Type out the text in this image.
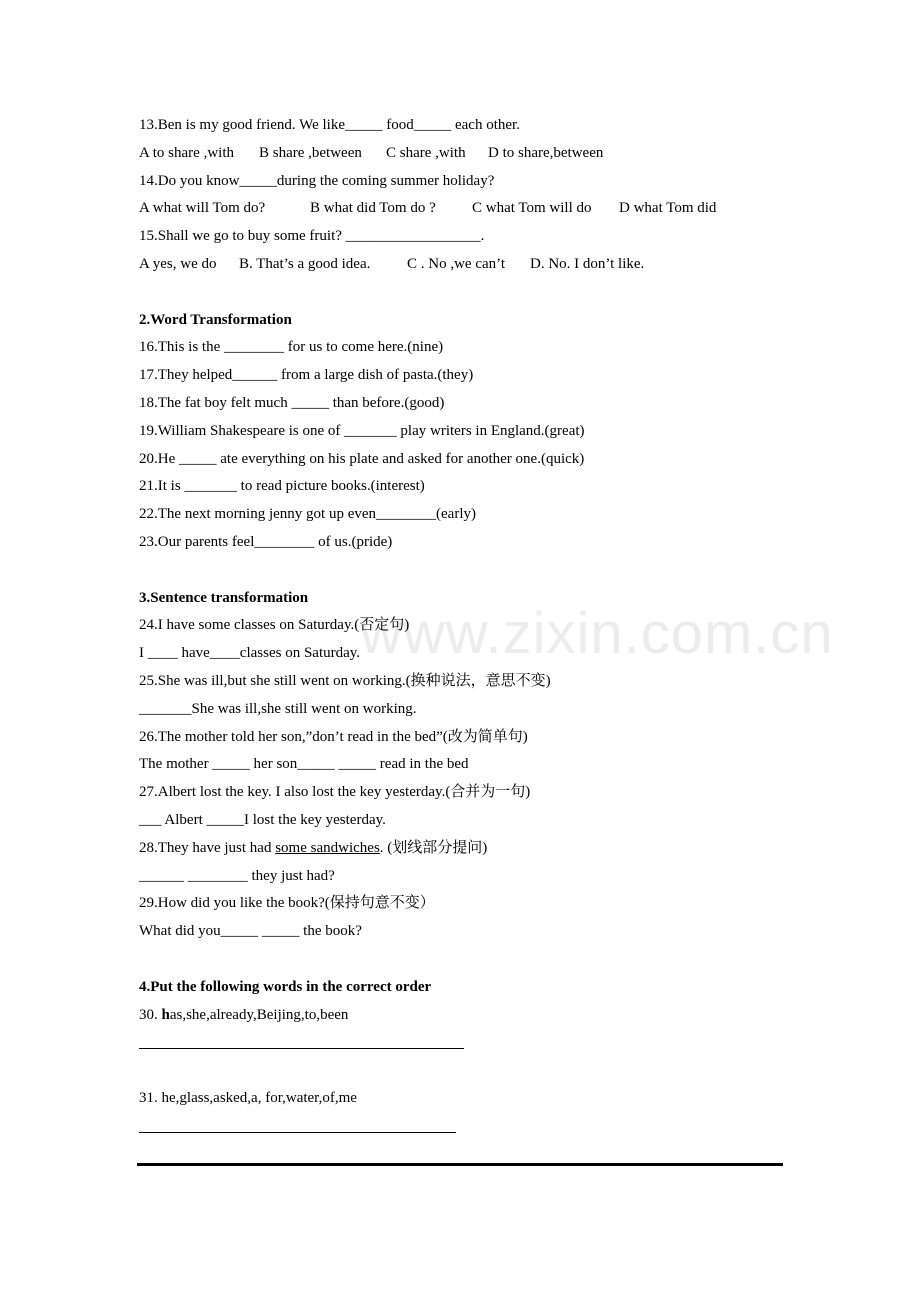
www.zixin.com.cn
13.Ben is my good friend. We like_____ food_____ each other.
A to share ,with B share ,between C share ,with D to share,between
14.Do you know_____during the coming summer holiday?
A what will Tom do?	B what did Tom do ? C what Tom will do D what Tom did
15.Shall we go to buy some fruit? __________________.
A yes, we do B. That’s a good idea. C . No ,we can’t D. No. I don’t like.
2.Word Transformation
16.This is the ________ for us to come here.(nine)
17.They helped______ from a large dish of pasta.(they)
18.The fat boy felt much _____ than before.(good)
19.William Shakespeare is one of _______ play writers in England.(great)
20.He _____ ate everything on his plate and asked for another one.(quick)
21.It is _______ to read picture books.(interest)
22.The next morning jenny got up even________(early)
23.Our parents feel________ of us.(pride)
3.Sentence transformation
24.I have some classes on Saturday.(否定句)
I ____ have____classes on Saturday.
25.She was ill,but she still went on working.(换种说法，意思不变)
_______She was ill,she still went on working.
26.The mother told her son,”don’t read in the bed”(改为简单句)
The mother _____ her son_____ _____ read in the bed
27.Albert lost the key. I also lost the key yesterday.(合并为一句)
___ Albert _____I lost the key yesterday.
28.They have just had some sandwiches. (划线部分提问)
______ ________ they just had?
29.How did you like the book?(保持句意不变）
What did you_____ _____ the book?
4.Put the following words in the correct order
30. has,she,already,Beijing,to,been
31. he,glass,asked,a, for,water,of,me
